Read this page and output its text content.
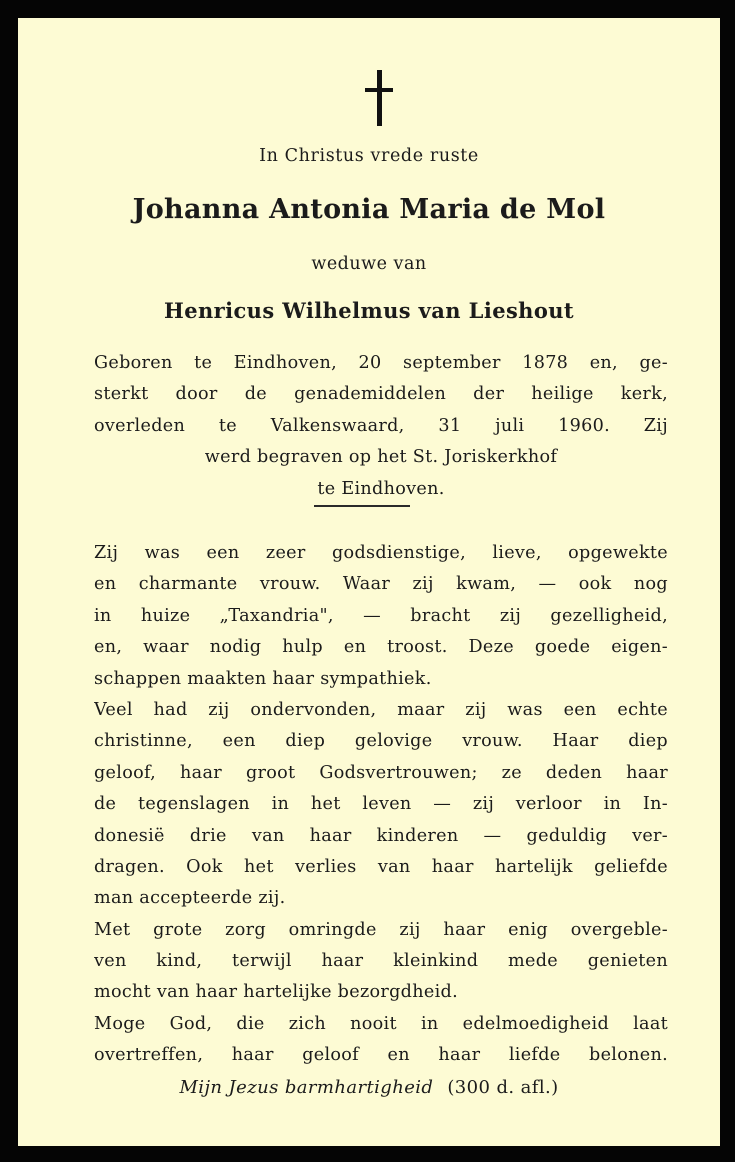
In Christus vrede ruste
Johanna Antonia Maria de Mol
weduwe van
Henricus Wilhelmus van Lieshout
Geboren te Eindhoven, 20 september 1878 en, ge-
sterkt door de genademiddelen der heilige kerk,
overleden te Valkenswaard, 31 juli 1960. Zij
werd begraven op het St. Joriskerkhof
te Eindhoven.
Zij was een zeer godsdienstige, lieve, opgewekte
en charmante vrouw. Waar zij kwam, — ook nog
in huize „Taxandria", — bracht zij gezelligheid,
en, waar nodig hulp en troost. Deze goede eigen-
schappen maakten haar sympathiek.
Veel had zij ondervonden, maar zij was een echte
christinne, een diep gelovige vrouw. Haar diep
geloof, haar groot Godsvertrouwen; ze deden haar
de tegenslagen in het leven — zij verloor in In-
donesië drie van haar kinderen — geduldig ver-
dragen. Ook het verlies van haar hartelijk geliefde
man accepteerde zij.
Met grote zorg omringde zij haar enig overgeble-
ven kind, terwijl haar kleinkind mede genieten
mocht van haar hartelijke bezorgdheid.
Moge God, die zich nooit in edelmoedigheid laat
overtreffen, haar geloof en haar liefde belonen.
Mijn Jezus barmhartigheid (300 d. afl.)
